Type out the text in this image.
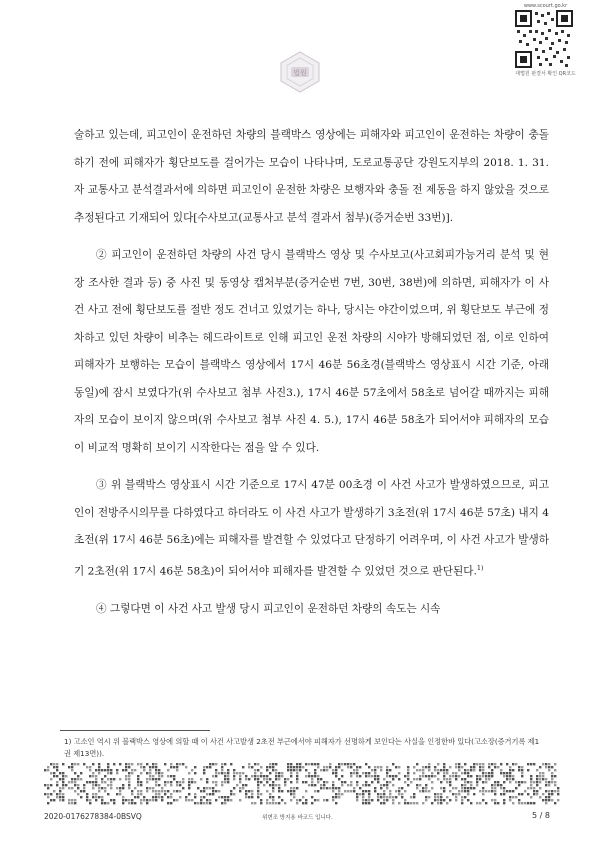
법원
www.scourt.go.kr
대법원 판결서 확인 QR코드

술하고 있는데, 피고인이 운전하던 차량의 블랙박스 영상에는 피해자와 피고인이 운전하는 차량이 충돌하기 전에 피해자가 횡단보도를 걸어가는 모습이 나타나며, 도로교통공단 강원도지부의 2018. 1. 31.자 교통사고 분석결과서에 의하면 피고인이 운전한 차량은 보행자와 충돌 전 제동을 하지 않았을 것으로 추정된다고 기재되어 있다[수사보고(교통사고 분석 결과서 첨부)(증거순번 33번)].

② 피고인이 운전하던 차량의 사건 당시 블랙박스 영상 및 수사보고(사고회피가능거리 분석 및 현장 조사한 결과 등) 중 사진 및 동영상 캡처부분(증거순번 7번, 30번, 38번)에 의하면, 피해자가 이 사건 사고 전에 횡단보도를 절반 정도 건너고 있었기는 하나, 당시는 야간이었으며, 위 횡단보도 부근에 정차하고 있던 차량이 비추는 헤드라이트로 인해 피고인 운전 차량의 시야가 방해되었던 점, 이로 인하여 피해자가 보행하는 모습이 블랙박스 영상에서 17시 46분 56초경(블랙박스 영상표시 시간 기준, 아래 동일)에 잠시 보였다가(위 수사보고 첨부 사진3.), 17시 46분 57초에서 58초로 넘어갈 때까지는 피해자의 모습이 보이지 않으며(위 수사보고 첨부 사진 4. 5.), 17시 46분 58초가 되어서야 피해자의 모습이 비교적 명확히 보이기 시작한다는 점을 알 수 있다.

③ 위 블랙박스 영상표시 시간 기준으로 17시 47분 00초경 이 사건 사고가 발생하였으므로, 피고인이 전방주시의무를 다하였다고 하더라도 이 사건 사고가 발생하기 3초전(위 17시 46분 57초) 내지 4초전(위 17시 46분 56초)에는 피해자를 발견할 수 있었다고 단정하기 어려우며, 이 사건 사고가 발생하기 2초전(위 17시 46분 58초)이 되어서야 피해자를 발견할 수 있었던 것으로 판단된다.$^{1)}$

④ 그렇다면 이 사건 사고 발생 당시 피고인이 운전하던 차량의 속도는 시속

1) 고소인 역시 위 블랙박스 영상에 의할 때 이 사건 사고발생 2초전 부근에서야 피해자가 선명하게 보인다는 사실을 인정한바 있다(고소장(증거기록 제1권 제13면)).
2020-0176278384-0BSVQ	위변조 방지용 바코드 입니다.	5 / 8
